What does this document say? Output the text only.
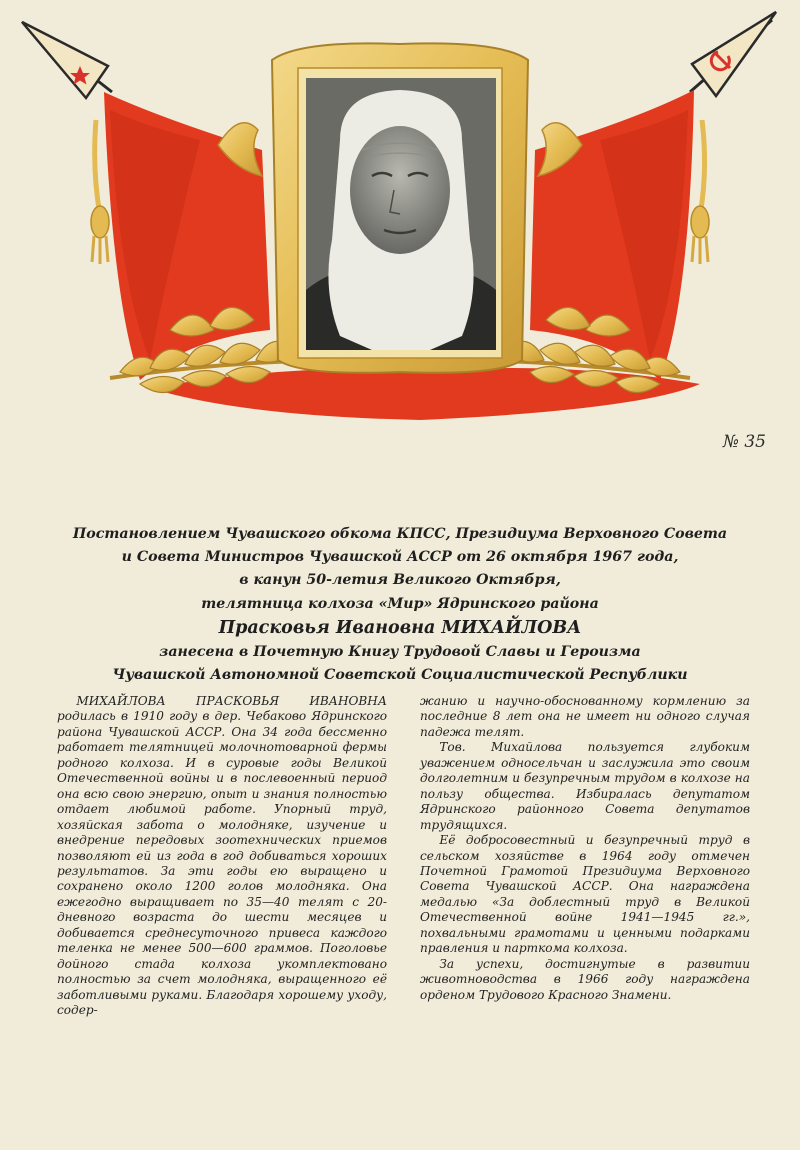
№ 35
Постановлением Чувашского обкома КПСС, Президиума Верховного Совета
и Совета Министров Чувашской АССР от 26 октября 1967 года,
в канун 50-летия Великого Октября,
телятница колхоза «Мир» Ядринского района
Прасковья Ивановна МИХАЙЛОВА
занесена в Почетную Книгу Трудовой Славы и Героизма
Чувашской Автономной Советской Социалистической Республики

МИХАЙЛОВА ПРАСКОВЬЯ ИВАНОВНА родилась в 1910 году в дер. Чебаково Ядринского района Чувашской АССР. Она 34 года бессменно работает телятницей молочнотоварной фермы родного колхоза. И в суровые годы Великой Отечественной войны и в послевоенный период она всю свою энергию, опыт и знания полностью отдает любимой работе. Упорный труд, хозяйская забота о молодняке, изучение и внедрение передовых зоотехнических приемов позволяют ей из года в год добиваться хороших результатов. За эти годы ею выращено и сохранено около 1200 голов молодняка. Она ежегодно выращивает по 35—40 телят с 20-дневного возраста до шести месяцев и добивается среднесуточного привеса каждого теленка не менее 500—600 граммов. Поголовье дойного стада колхоза укомплектовано полностью за счет молодняка, выращенного её заботливыми руками. Благодаря хорошему уходу, содер-

жанию и научно-обоснованному кормлению за последние 8 лет она не имеет ни одного случая падежа телят.

Тов. Михайлова пользуется глубоким уважением односельчан и заслужила это своим долголетним и безупречным трудом в колхозе на пользу общества. Избиралась депутатом Ядринского районного Совета депутатов трудящихся.

Её добросовестный и безупречный труд в сельском хозяйстве в 1964 году отмечен Почетной Грамотой Президиума Верховного Совета Чувашской АССР. Она награждена медалью «За доблестный труд в Великой Отечественной войне 1941—1945 гг.», похвальными грамотами и ценными подарками правления и парткома колхоза.

За успехи, достигнутые в развитии животноводства в 1966 году награждена орденом Трудового Красного Знамени.
